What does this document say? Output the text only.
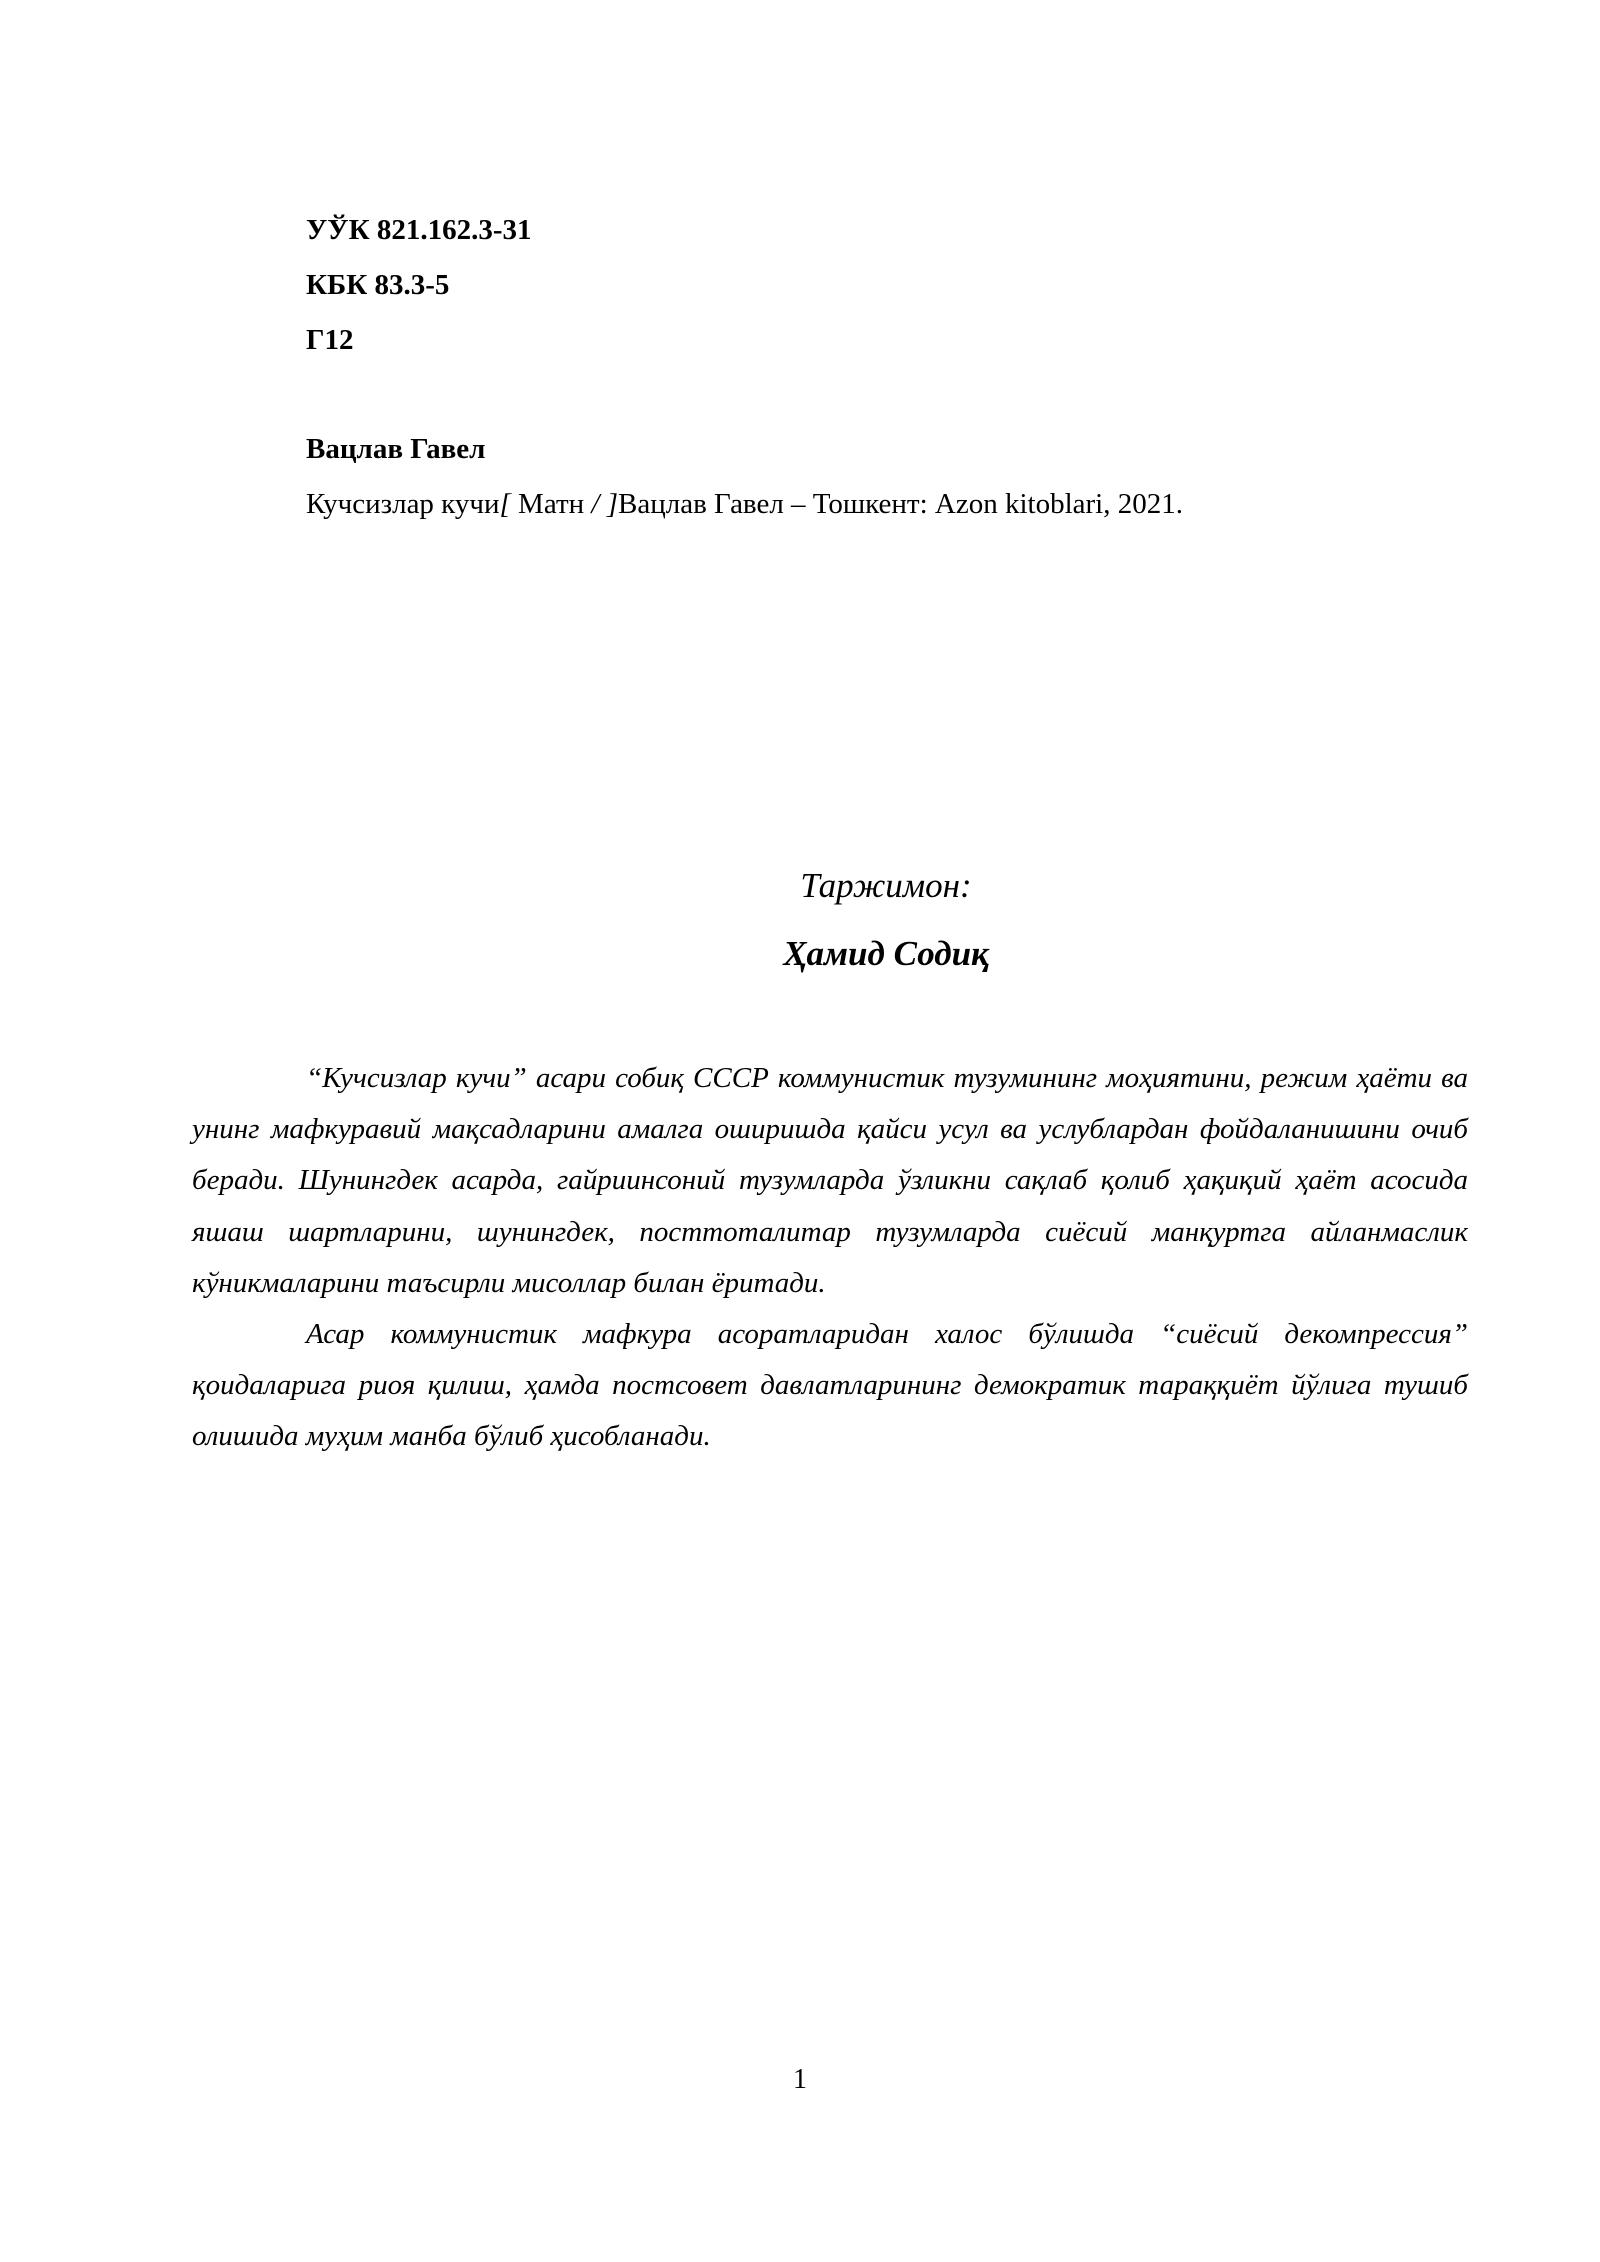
УЎК 821.162.3-31
КБК 83.3-5
Г12
Вацлав Гавел
Кучсизлар кучи[ Матн / ]Вацлав Гавел – Тошкент: Azon kitoblari, 2021.
Таржимон:
Ҳамид Содиқ

“Кучсизлар кучи” асари собиқ СССР коммунистик тузумининг моҳиятини, режим ҳаёти ва унинг мафкуравий мақсадларини амалга оширишда қайси усул ва услублардан фойдаланишини очиб беради. Шунингдек асарда, гайриинсоний тузумларда ўзликни сақлаб қолиб ҳақиқий ҳаёт асосида яшаш шартларини, шунингдек, посттоталитар тузумларда сиёсий манқуртга айланмаслик кўникмаларини таъсирли мисоллар билан ёритади.

Асар коммунистик мафкура асоратларидан халос бўлишда “сиёсий декомпрессия” қоидаларига риоя қилиш, ҳамда постсовет давлатларининг демократик тараққиёт йўлига тушиб олишида муҳим манба бўлиб ҳисобланади.

1
